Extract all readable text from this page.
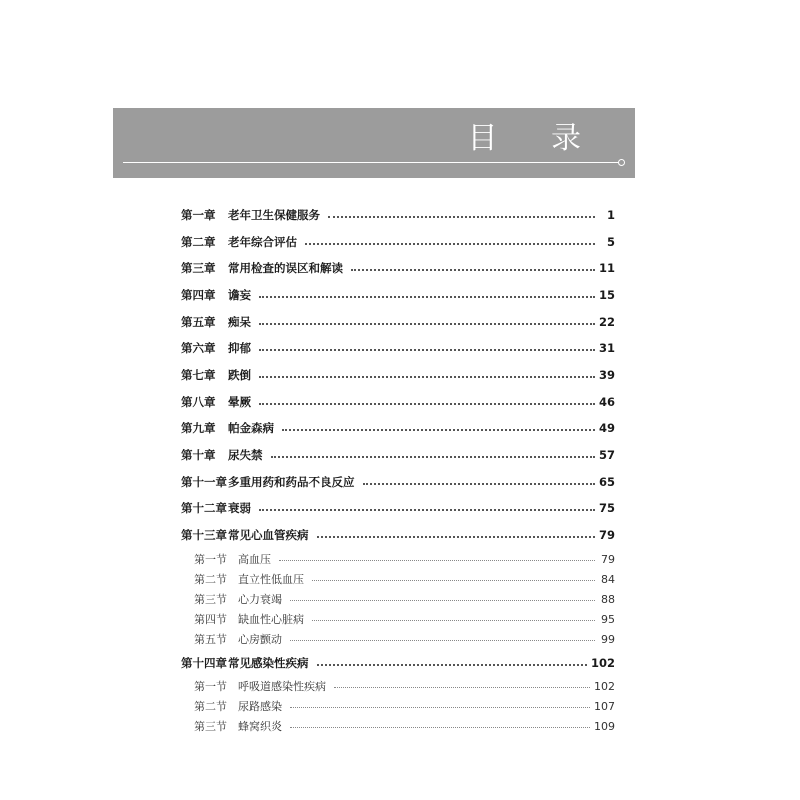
目 录
第一章	老年卫生保健服务	1
第二章	老年综合评估	5
第三章	常用检查的误区和解读	11
第四章	谵妄	15
第五章	痴呆	22
第六章	抑郁	31
第七章	跌倒	39
第八章	晕厥	46
第九章	帕金森病	49
第十章	尿失禁	57
第十一章 多重用药和药品不良反应	65
第十二章 衰弱	75
第十三章 常见心血管疾病	79
第一节	高血压	79
第二节	直立性低血压	84
第三节	心力衰竭	88
第四节	缺血性心脏病	95
第五节	心房颤动	99
第十四章 常见感染性疾病	102
第一节	呼吸道感染性疾病	102
第二节	尿路感染	107
第三节	蜂窝织炎	109
